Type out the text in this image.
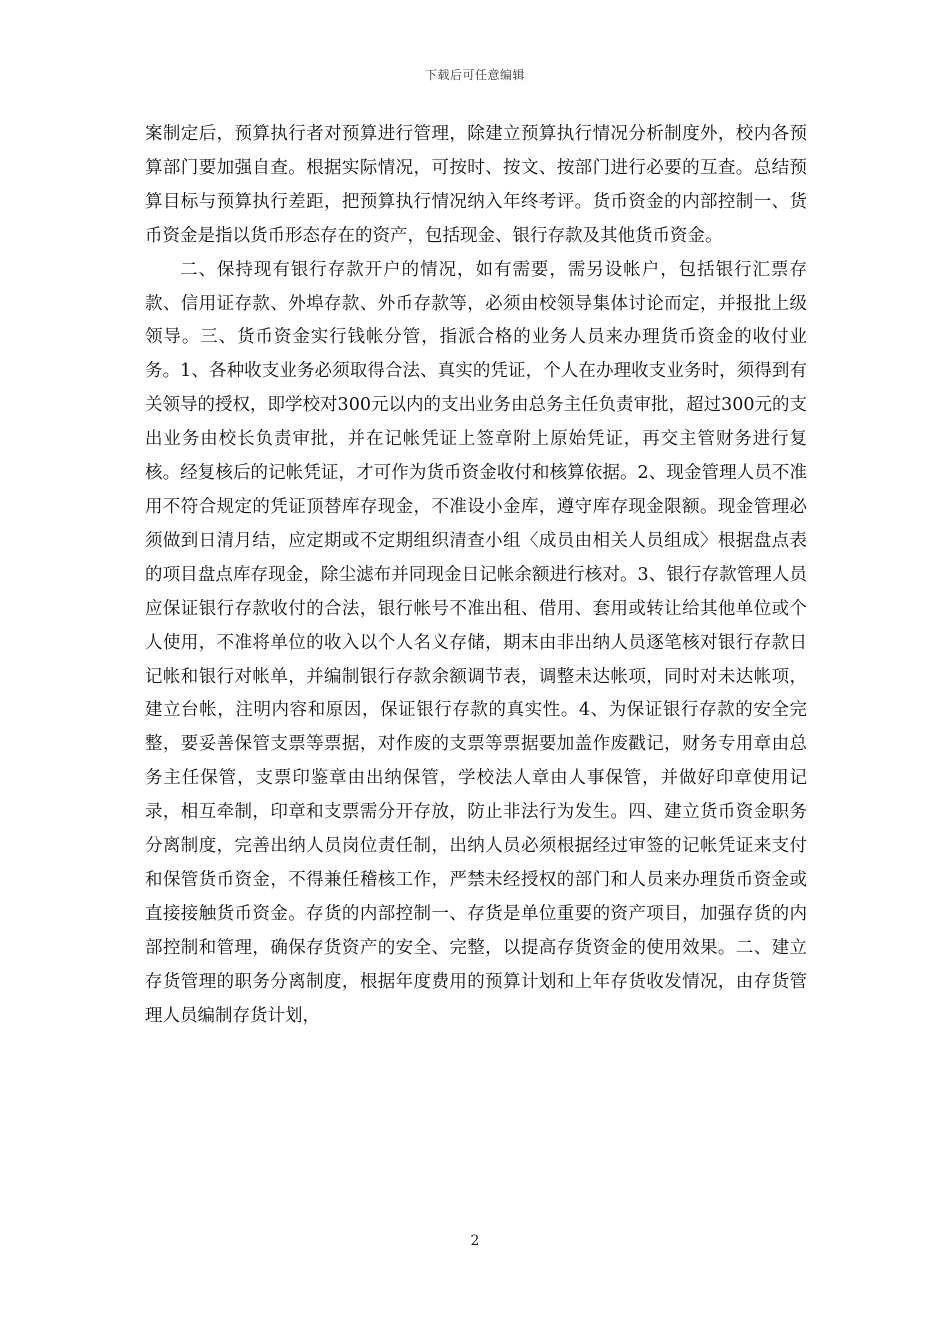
下载后可任意编辑

案制定后，预算执行者对预算进行管理，除建立预算执行情况分析制度外，校内各预算部门要加强自查。根据实际情况，可按时、按文、按部门进行必要的互查。总结预算目标与预算执行差距，把预算执行情况纳入年终考评。货币资金的内部控制一、货币资金是指以货币形态存在的资产，包括现金、银行存款及其他货币资金。

二、保持现有银行存款开户的情况，如有需要，需另设帐户，包括银行汇票存款、信用证存款、外埠存款、外币存款等，必须由校领导集体讨论而定，并报批上级领导。三、货币资金实行钱帐分管，指派合格的业务人员来办理货币资金的收付业务。1、各种收支业务必须取得合法、真实的凭证，个人在办理收支业务时，须得到有关领导的授权，即学校对300元以内的支出业务由总务主任负责审批，超过300元的支出业务由校长负责审批，并在记帐凭证上签章附上原始凭证，再交主管财务进行复核。经复核后的记帐凭证，才可作为货币资金收付和核算依据。2、现金管理人员不准用不符合规定的凭证顶替库存现金，不准设小金库，遵守库存现金限额。现金管理必须做到日清月结，应定期或不定期组织清查小组〈成员由相关人员组成〉根据盘点表的项目盘点库存现金，除尘滤布并同现金日记帐余额进行核对。3、银行存款管理人员应保证银行存款收付的合法，银行帐号不准出租、借用、套用或转让给其他单位或个人使用，不准将单位的收入以个人名义存储，期末由非出纳人员逐笔核对银行存款日记帐和银行对帐单，并编制银行存款余额调节表，调整未达帐项，同时对未达帐项，建立台帐，注明内容和原因，保证银行存款的真实性。4、为保证银行存款的安全完整，要妥善保管支票等票据，对作废的支票等票据要加盖作废戳记，财务专用章由总务主任保管，支票印鉴章由出纳保管，学校法人章由人事保管，并做好印章使用记录，相互牵制，印章和支票需分开存放，防止非法行为发生。四、建立货币资金职务分离制度，完善出纳人员岗位责任制，出纳人员必须根据经过审签的记帐凭证来支付和保管货币资金，不得兼任稽核工作，严禁未经授权的部门和人员来办理货币资金或直接接触货币资金。存货的内部控制一、存货是单位重要的资产项目，加强存货的内部控制和管理，确保存货资产的安全、完整，以提高存货资金的使用效果。二、建立存货管理的职务分离制度，根据年度费用的预算计划和上年存货收发情况，由存货管理人员编制存货计划，

2
